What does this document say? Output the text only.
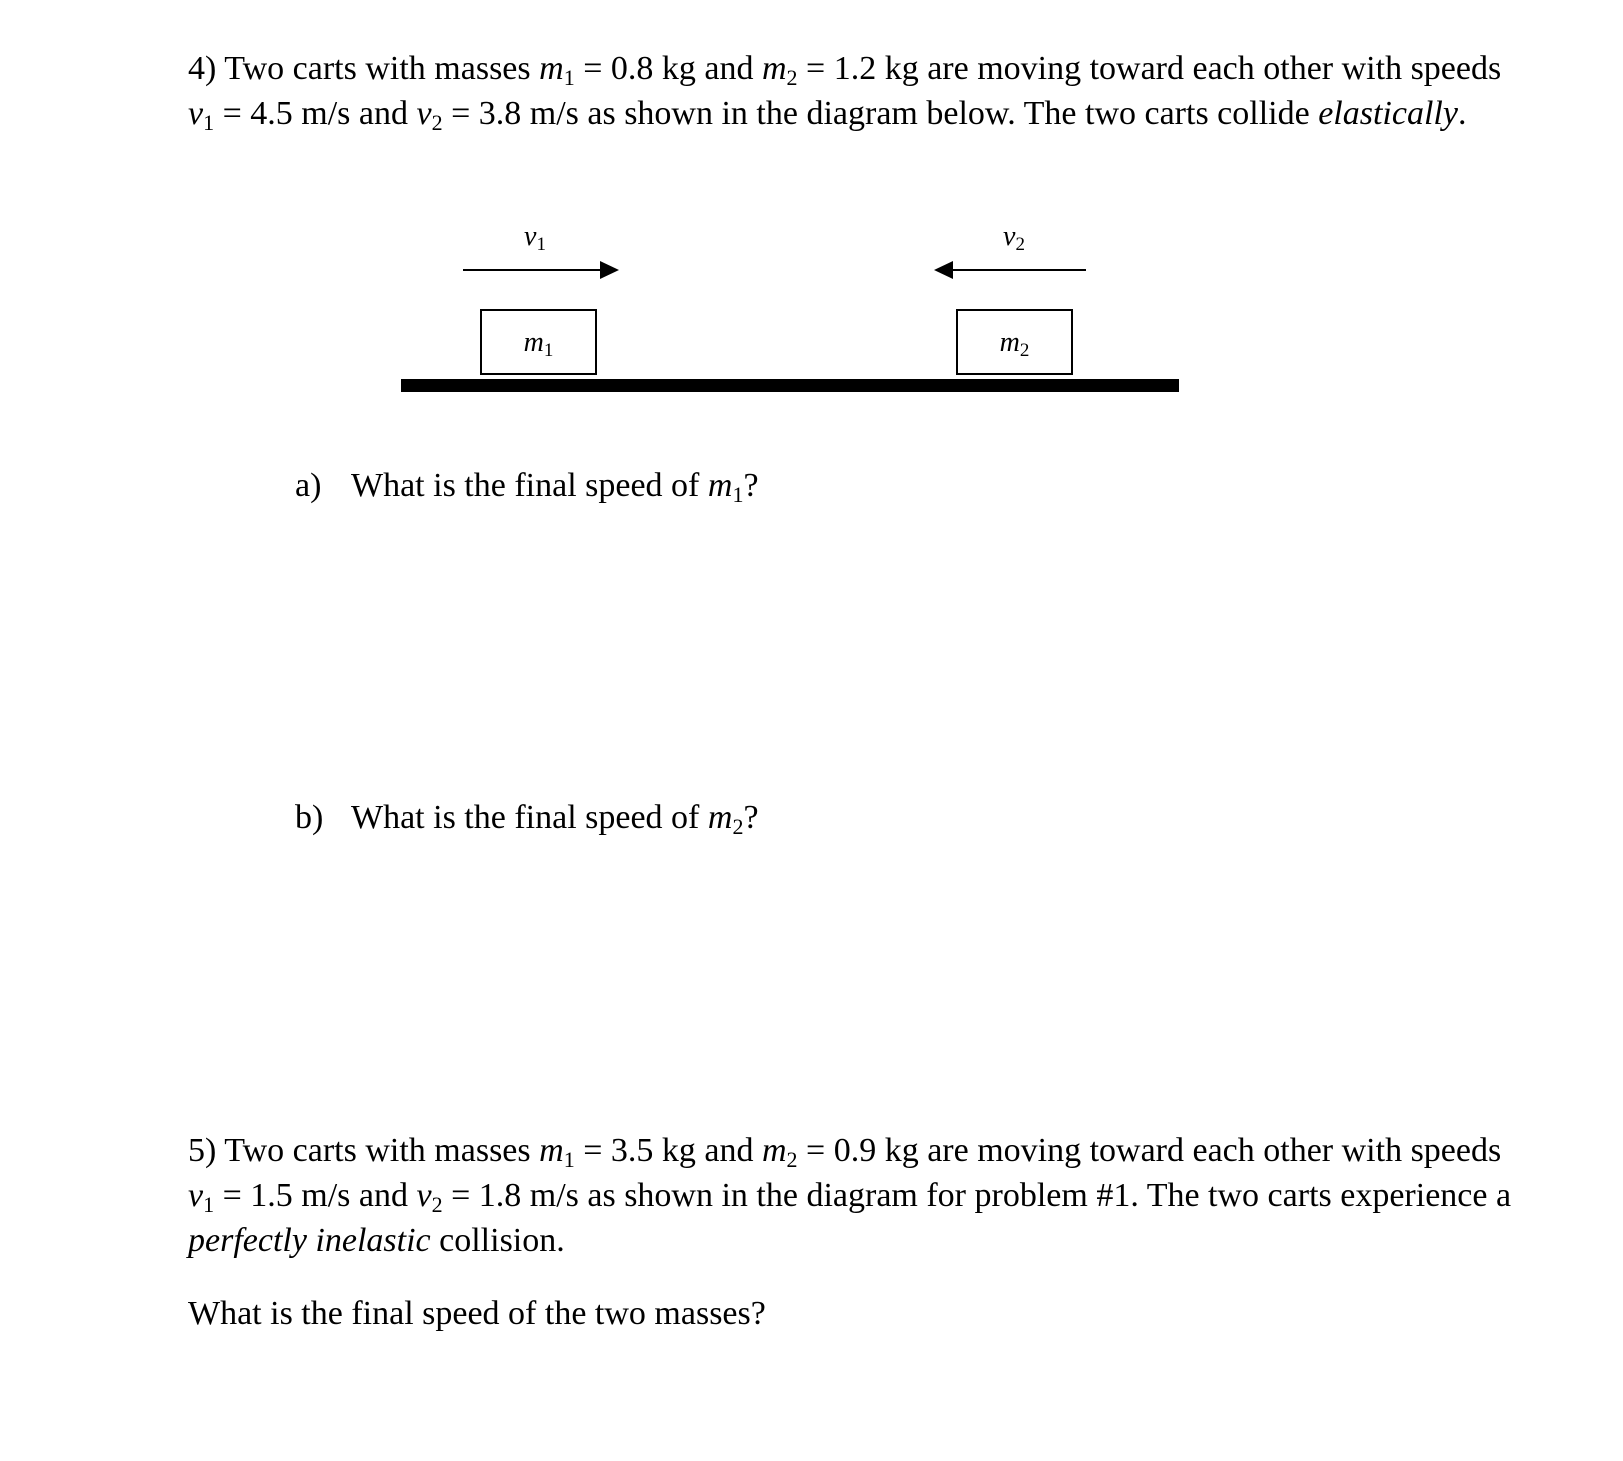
4) Two carts with masses m1 = 0.8 kg and m2 = 1.2 kg are moving toward each other with speeds v1 = 4.5 m/s and v2 = 3.8 m/s as shown in the diagram below. The two carts collide elastically.
v1	v2
m1	m2
a) What is the final speed of m1?
b) What is the final speed of m2?
5) Two carts with masses m1 = 3.5 kg and m2 = 0.9 kg are moving toward each other with speeds v1 = 1.5 m/s and v2 = 1.8 m/s as shown in the diagram for problem #1. The two carts experience a perfectly inelastic collision.
What is the final speed of the two masses?
